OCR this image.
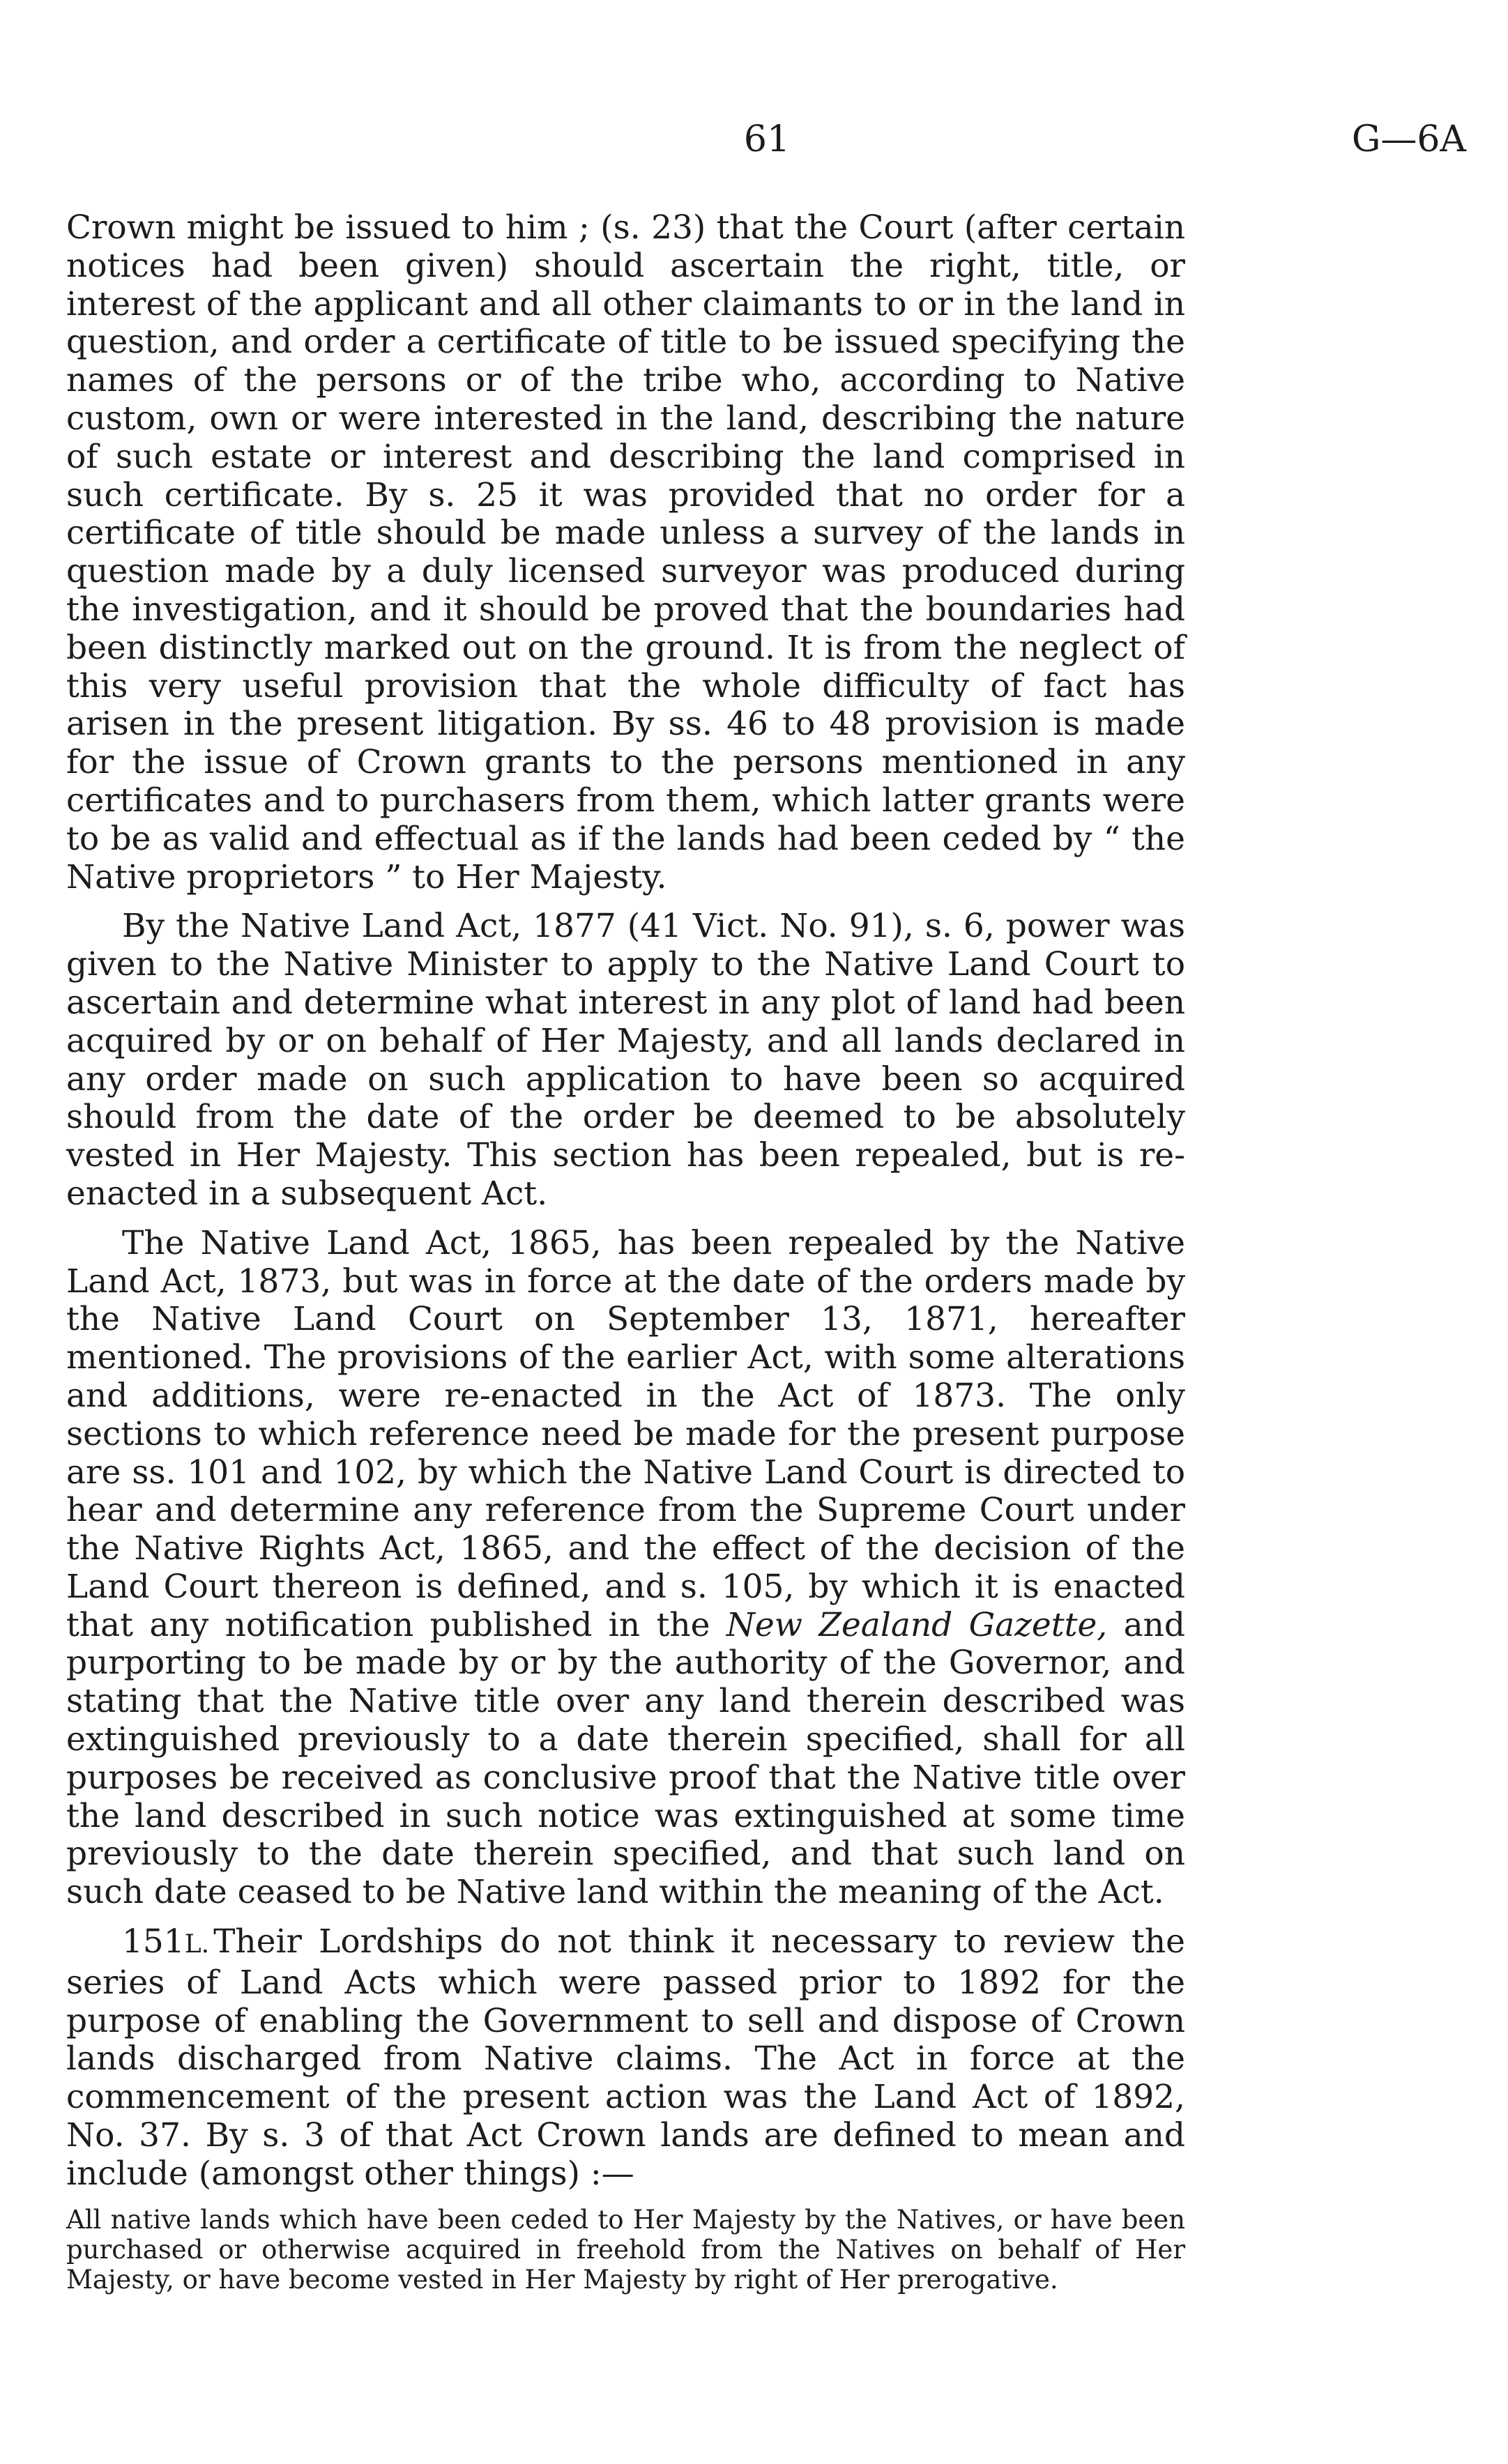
61	G—6A

Crown might be issued to him ; (s. 23) that the Court (after certain notices had been given) should ascertain the right, title, or interest of the applicant and all other claimants to or in the land in question, and order a certificate of title to be issued specifying the names of the persons or of the tribe who, according to Native custom, own or were interested in the land, describing the nature of such estate or interest and describing the land comprised in such certificate. By s. 25 it was provided that no order for a certificate of title should be made unless a survey of the lands in question made by a duly licensed surveyor was produced during the investigation, and it should be proved that the boundaries had been distinctly marked out on the ground. It is from the neglect of this very useful provision that the whole difficulty of fact has arisen in the present litigation. By ss. 46 to 48 provision is made for the issue of Crown grants to the persons mentioned in any certificates and to purchasers from them, which latter grants were to be as valid and effectual as if the lands had been ceded by “ the Native proprietors ” to Her Majesty.

By the Native Land Act, 1877 (41 Vict. No. 91), s. 6, power was given to the Native Minister to apply to the Native Land Court to ascertain and determine what interest in any plot of land had been acquired by or on behalf of Her Majesty, and all lands declared in any order made on such application to have been so acquired should from the date of the order be deemed to be absolutely vested in Her Majesty. This section has been repealed, but is re-enacted in a subsequent Act.

The Native Land Act, 1865, has been repealed by the Native Land Act, 1873, but was in force at the date of the orders made by the Native Land Court on September 13, 1871, hereafter mentioned. The provisions of the earlier Act, with some alterations and additions, were re-enacted in the Act of 1873. The only sections to which reference need be made for the present purpose are ss. 101 and 102, by which the Native Land Court is directed to hear and determine any reference from the Supreme Court under the Native Rights Act, 1865, and the effect of the decision of the Land Court thereon is defined, and s. 105, by which it is enacted that any notification published in the New Zealand Gazette, and purporting to be made by or by the authority of the Governor, and stating that the Native title over any land therein described was extinguished previously to a date therein specified, shall for all purposes be received as conclusive proof that the Native title over the land described in such notice was extinguished at some time previously to the date therein specified, and that such land on such date ceased to be Native land within the meaning of the Act.

151L. Their Lordships do not think it necessary to review the series of Land Acts which were passed prior to 1892 for the purpose of enabling the Government to sell and dispose of Crown lands discharged from Native claims. The Act in force at the commencement of the present action was the Land Act of 1892, No. 37. By s. 3 of that Act Crown lands are defined to mean and include (amongst other things) :—

All native lands which have been ceded to Her Majesty by the Natives, or have been purchased or otherwise acquired in freehold from the Natives on behalf of Her Majesty, or have become vested in Her Majesty by right of Her prerogative.
